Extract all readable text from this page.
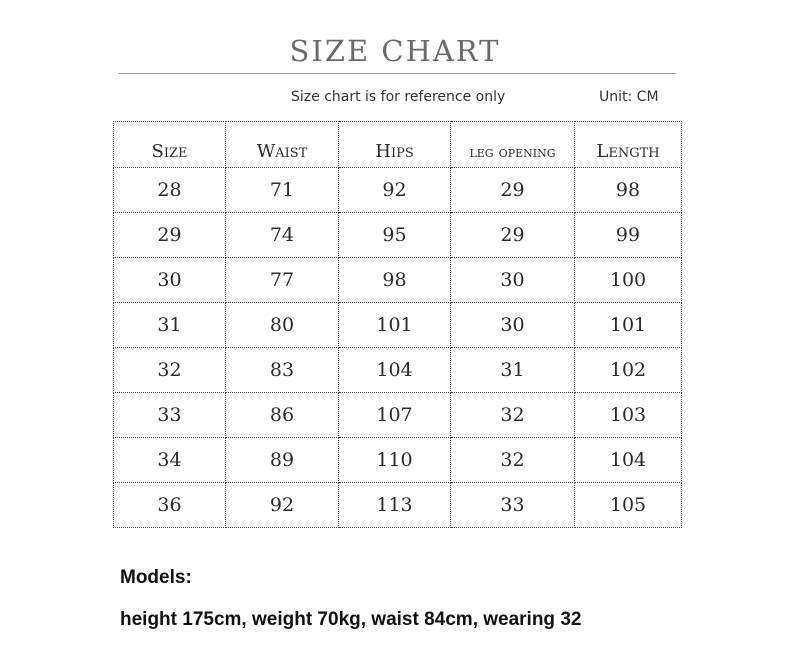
SIZE CHART
Size chart is for reference only	Unit: CM
Size	Waist	Hips	leg opening	Length
28	71	92	29	98
29	74	95	29	99
30	77	98	30	100
31	80	101	30	101
32	83	104	31	102
33	86	107	32	103
34	89	110	32	104
36	92	113	33	105
Models:
height 175cm, weight 70kg, waist 84cm, wearing 32
